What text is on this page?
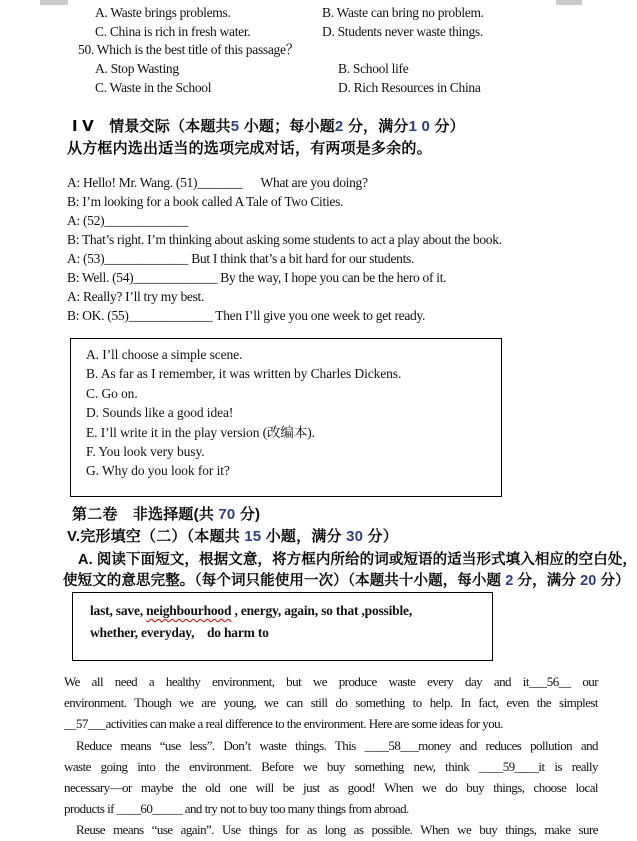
A. Waste brings problems.	B. Waste can bring no problem.
C. China is rich in fresh water.	D. Students never waste things.
50. Which is the best title of this passage？
A. Stop Wasting	B. School life
C. Waste in the School	D. Rich Resources in China
Ⅰ Ⅴ　情景交际（本题共5 小题；每小题2 分，满分1 0 分）
从方框内选出适当的选项完成对话，有两项是多余的。
A: Hello! Mr. Wang. (51)_______      What are you doing?
B: I’m looking for a book called A Tale of Two Cities.
A: (52)_____________
B: That’s right. I’m thinking about asking some students to act a play about the book.
A: (53)_____________ But I think that’s a bit hard for our students.
B: Well. (54)_____________ By the way, I hope you can be the hero of it.
A: Really? I’ll try my best.
B: OK. (55)_____________ Then I’ll give you one week to get ready.
A. I’ll choose a simple scene.
B. As far as I remember, it was written by Charles Dickens.
C. Go on.
D. Sounds like a good idea!
E. I’ll write it in the play version (改编本).
F. You look very busy.
G. Why do you look for it?
第二卷　非选择题(共 70 分)
V.完形填空（二）（本题共 15 小题，满分 30 分）
A. 阅读下面短文，根据文意，将方框内所给的词或短语的适当形式填入相应的空白处，
使短文的意思完整。（每个词只能使用一次）（本题共十小题，每小题 2 分，满分 20 分）
last, save, neighbourhood , energy, again, so that ,possible,
whether, everyday,    do harm to
We all need a healthy environment, but we produce waste every day and it___56__ our
environment. Though we are young, we can still do something to help. In fact, even the simplest
__57___activities can make a real difference to the environment. Here are some ideas for you.
Reduce means “use less”. Don’t waste things. This ____58___money and reduces pollution and
waste going into the environment. Before we buy something new, think ____59____it is really
necessary—or maybe the old one will be just as good! When we do buy things, choose local
products if ____60_____ and try not to buy too many things from abroad.
Reuse means “use again”. Use things for as long as possible. When we buy things, make sure
